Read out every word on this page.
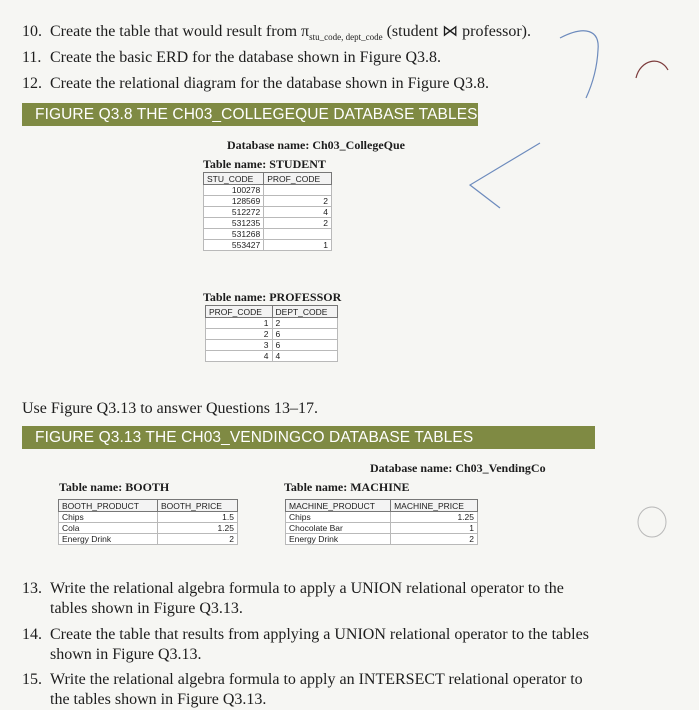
10. Create the table that would result from $\pi_{stu\_code, dept\_code}$ (student ⋈ professor).
11. Create the basic ERD for the database shown in Figure Q3.8.
12. Create the relational diagram for the database shown in Figure Q3.8.
FIGURE Q3.8 THE CH03_COLLEGEQUE DATABASE TABLES
Database name: Ch03_CollegeQue
Table name: STUDENT
STU_CODE	PROF_CODE
100278	
128569	2
512272	4
531235	2
531268	
553427	1
Table name: PROFESSOR
PROF_CODE	DEPT_CODE
1	2
2	6
3	6
4	4
Use Figure Q3.13 to answer Questions 13–17.
FIGURE Q3.13 THE CH03_VENDINGCO DATABASE TABLES
Database name: Ch03_VendingCo
Table name: BOOTH	Table name: MACHINE
BOOTH_PRODUCT	BOOTH_PRICE
Chips	1.5
Cola	1.25
Energy Drink	2
MACHINE_PRODUCT	MACHINE_PRICE
Chips	1.25
Chocolate Bar	1
Energy Drink	2
13. Write the relational algebra formula to apply a UNION relational operator to the tables shown in Figure Q3.13.
14. Create the table that results from applying a UNION relational operator to the tables shown in Figure Q3.13.
15. Write the relational algebra formula to apply an INTERSECT relational operator to the tables shown in Figure Q3.13.
